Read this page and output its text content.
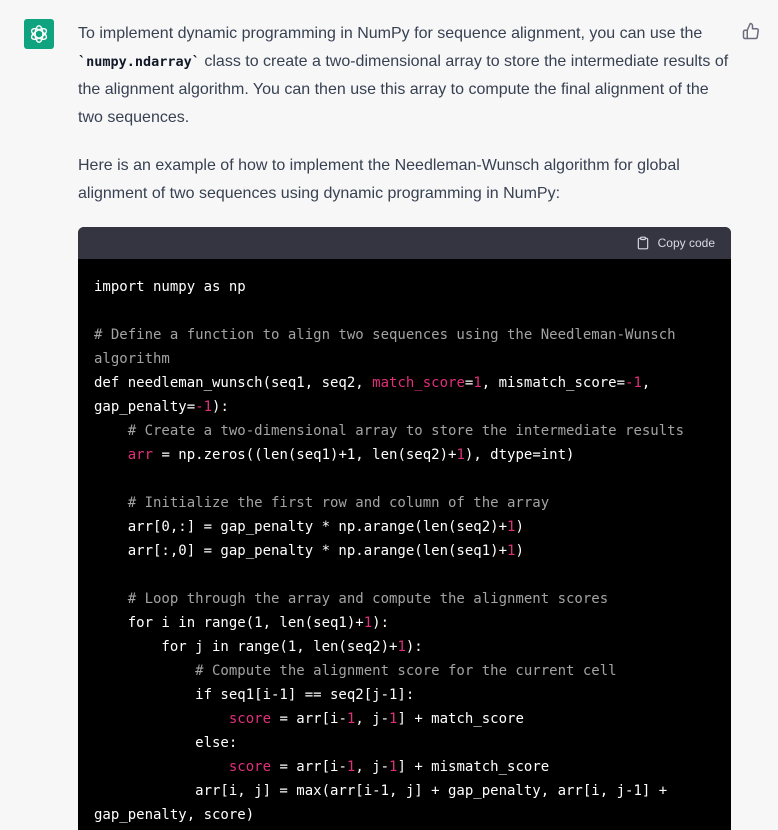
To implement dynamic programming in NumPy for sequence alignment, you can use the `numpy.ndarray` class to create a two-dimensional array to store the intermediate results of the alignment algorithm. You can then use this array to compute the final alignment of the two sequences.

Here is an example of how to implement the Needleman-Wunsch algorithm for global alignment of two sequences using dynamic programming in NumPy:

Copy code
import numpy as np

# Define a function to align two sequences using the Needleman-Wunsch
algorithm
def needleman_wunsch(seq1, seq2, match_score=1, mismatch_score=-1,
gap_penalty=-1):
# Create a two-dimensional array to store the intermediate results
arr = np.zeros((len(seq1)+1, len(seq2)+1), dtype=int)

# Initialize the first row and column of the array
arr[0,:] = gap_penalty * np.arange(len(seq2)+1)
arr[:,0] = gap_penalty * np.arange(len(seq1)+1)

# Loop through the array and compute the alignment scores
for i in range(1, len(seq1)+1):
for j in range(1, len(seq2)+1):
# Compute the alignment score for the current cell
if seq1[i-1] == seq2[j-1]:
score = arr[i-1, j-1] + match_score
else:
score = arr[i-1, j-1] + mismatch_score
arr[i, j] = max(arr[i-1, j] + gap_penalty, arr[i, j-1] +
gap_penalty, score)
